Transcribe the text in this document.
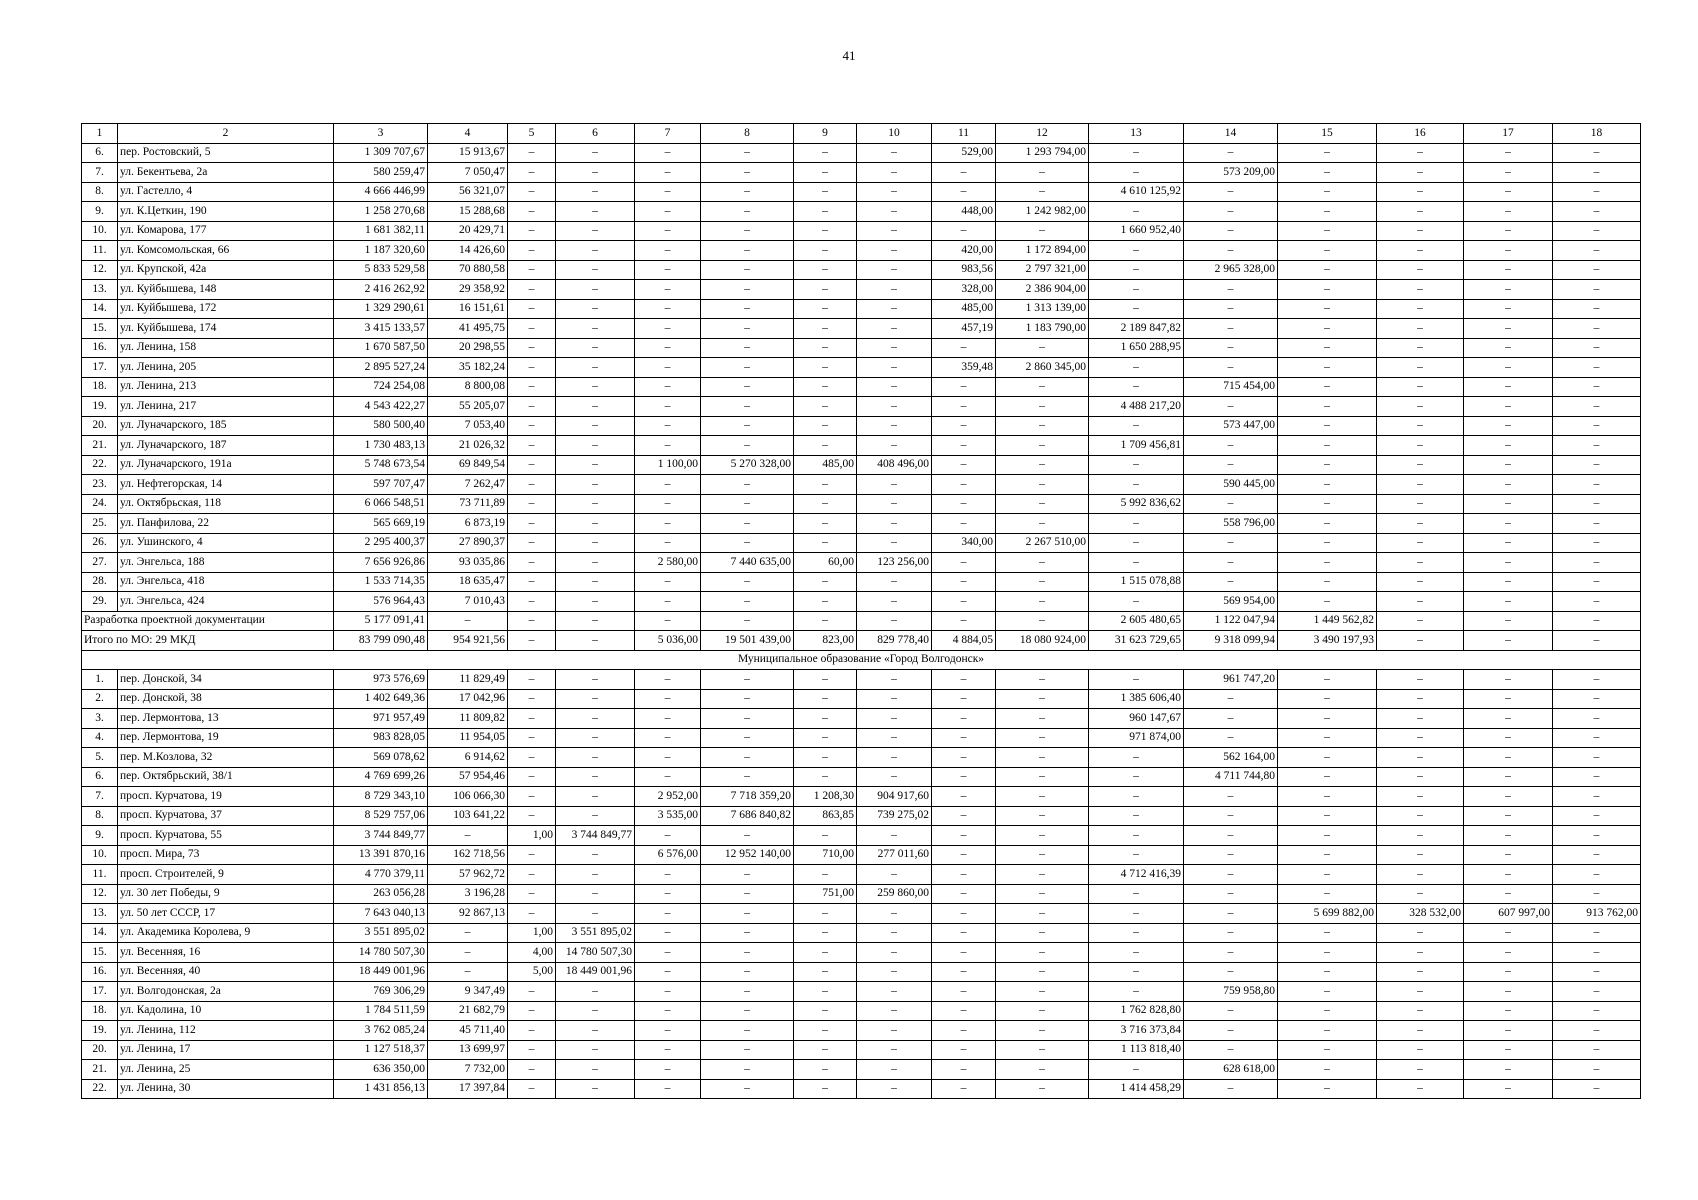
41
1	2	3	4	5	6	7	8	9	10	11	12	13	14	15	16	17	18
6.	пер. Ростовский, 5	1 309 707,67	15 913,67	–	–	–	–	–	–	529,00	1 293 794,00	–	–	–	–	–	–
7.	ул. Бекентьева, 2а	580 259,47	7 050,47	–	–	–	–	–	–	–	–	–	573 209,00	–	–	–	–
8.	ул. Гастелло, 4	4 666 446,99	56 321,07	–	–	–	–	–	–	–	–	4 610 125,92	–	–	–	–	–
9.	ул. К.Цеткин, 190	1 258 270,68	15 288,68	–	–	–	–	–	–	448,00	1 242 982,00	–	–	–	–	–	–
10.	ул. Комарова, 177	1 681 382,11	20 429,71	–	–	–	–	–	–	–	–	1 660 952,40	–	–	–	–	–
11.	ул. Комсомольская, 66	1 187 320,60	14 426,60	–	–	–	–	–	–	420,00	1 172 894,00	–	–	–	–	–	–
12.	ул. Крупской, 42а	5 833 529,58	70 880,58	–	–	–	–	–	–	983,56	2 797 321,00	–	2 965 328,00	–	–	–	–
13.	ул. Куйбышева, 148	2 416 262,92	29 358,92	–	–	–	–	–	–	328,00	2 386 904,00	–	–	–	–	–	–
14.	ул. Куйбышева, 172	1 329 290,61	16 151,61	–	–	–	–	–	–	485,00	1 313 139,00	–	–	–	–	–	–
15.	ул. Куйбышева, 174	3 415 133,57	41 495,75	–	–	–	–	–	–	457,19	1 183 790,00	2 189 847,82	–	–	–	–	–
16.	ул. Ленина, 158	1 670 587,50	20 298,55	–	–	–	–	–	–	–	–	1 650 288,95	–	–	–	–	–
17.	ул. Ленина, 205	2 895 527,24	35 182,24	–	–	–	–	–	–	359,48	2 860 345,00	–	–	–	–	–	–
18.	ул. Ленина, 213	724 254,08	8 800,08	–	–	–	–	–	–	–	–	–	715 454,00	–	–	–	–
19.	ул. Ленина, 217	4 543 422,27	55 205,07	–	–	–	–	–	–	–	–	4 488 217,20	–	–	–	–	–
20.	ул. Луначарского, 185	580 500,40	7 053,40	–	–	–	–	–	–	–	–	–	573 447,00	–	–	–	–
21.	ул. Луначарского, 187	1 730 483,13	21 026,32	–	–	–	–	–	–	–	–	1 709 456,81	–	–	–	–	–
22.	ул. Луначарского, 191а	5 748 673,54	69 849,54	–	–	1 100,00	5 270 328,00	485,00	408 496,00	–	–	–	–	–	–	–	–
23.	ул. Нефтегорская, 14	597 707,47	7 262,47	–	–	–	–	–	–	–	–	–	590 445,00	–	–	–	–
24.	ул. Октябрьская, 118	6 066 548,51	73 711,89	–	–	–	–	–	–	–	–	5 992 836,62	–	–	–	–	–
25.	ул. Панфилова, 22	565 669,19	6 873,19	–	–	–	–	–	–	–	–	–	558 796,00	–	–	–	–
26.	ул. Ушинского, 4	2 295 400,37	27 890,37	–	–	–	–	–	–	340,00	2 267 510,00	–	–	–	–	–	–
27.	ул. Энгельса, 188	7 656 926,86	93 035,86	–	–	2 580,00	7 440 635,00	60,00	123 256,00	–	–	–	–	–	–	–	–
28.	ул. Энгельса, 418	1 533 714,35	18 635,47	–	–	–	–	–	–	–	–	1 515 078,88	–	–	–	–	–
29.	ул. Энгельса, 424	576 964,43	7 010,43	–	–	–	–	–	–	–	–	–	569 954,00	–	–	–	–
Разработка проектной документации		5 177 091,41	–	–	–	–	–	–	–	–	–	2 605 480,65	1 122 047,94	1 449 562,82	–	–	–
Итого по МО: 29 МКД		83 799 090,48	954 921,56	–	–	5 036,00	19 501 439,00	823,00	829 778,40	4 884,05	18 080 924,00	31 623 729,65	9 318 099,94	3 490 197,93	–	–	–
Муниципальное образование «Город Волгодонск»																	
1.	пер. Донской, 34	973 576,69	11 829,49	–	–	–	–	–	–	–	–	–	961 747,20	–	–	–	–
2.	пер. Донской, 38	1 402 649,36	17 042,96	–	–	–	–	–	–	–	–	1 385 606,40	–	–	–	–	–
3.	пер. Лермонтова, 13	971 957,49	11 809,82	–	–	–	–	–	–	–	–	960 147,67	–	–	–	–	–
4.	пер. Лермонтова, 19	983 828,05	11 954,05	–	–	–	–	–	–	–	–	971 874,00	–	–	–	–	–
5.	пер. М.Козлова, 32	569 078,62	6 914,62	–	–	–	–	–	–	–	–	–	562 164,00	–	–	–	–
6.	пер. Октябрьский, 38/1	4 769 699,26	57 954,46	–	–	–	–	–	–	–	–	–	4 711 744,80	–	–	–	–
7.	просп. Курчатова, 19	8 729 343,10	106 066,30	–	–	2 952,00	7 718 359,20	1 208,30	904 917,60	–	–	–	–	–	–	–	–
8.	просп. Курчатова, 37	8 529 757,06	103 641,22	–	–	3 535,00	7 686 840,82	863,85	739 275,02	–	–	–	–	–	–	–	–
9.	просп. Курчатова, 55	3 744 849,77	–	1,00	3 744 849,77	–	–	–	–	–	–	–	–	–	–	–	–
10.	просп. Мира, 73	13 391 870,16	162 718,56	–	–	6 576,00	12 952 140,00	710,00	277 011,60	–	–	–	–	–	–	–	–
11.	просп. Строителей, 9	4 770 379,11	57 962,72	–	–	–	–	–	–	–	–	4 712 416,39	–	–	–	–	–
12.	ул. 30 лет Победы, 9	263 056,28	3 196,28	–	–	–	–	751,00	259 860,00	–	–	–	–	–	–	–	–
13.	ул. 50 лет СССР, 17	7 643 040,13	92 867,13	–	–	–	–	–	–	–	–	–	–	5 699 882,00	328 532,00	607 997,00	913 762,00
14.	ул. Академика Королева, 9	3 551 895,02	–	1,00	3 551 895,02	–	–	–	–	–	–	–	–	–	–	–	–
15.	ул. Весенняя, 16	14 780 507,30	–	4,00	14 780 507,30	–	–	–	–	–	–	–	–	–	–	–	–
16.	ул. Весенняя, 40	18 449 001,96	–	5,00	18 449 001,96	–	–	–	–	–	–	–	–	–	–	–	–
17.	ул. Волгодонская, 2а	769 306,29	9 347,49	–	–	–	–	–	–	–	–	–	759 958,80	–	–	–	–
18.	ул. Кадолина, 10	1 784 511,59	21 682,79	–	–	–	–	–	–	–	–	1 762 828,80	–	–	–	–	–
19.	ул. Ленина, 112	3 762 085,24	45 711,40	–	–	–	–	–	–	–	–	3 716 373,84	–	–	–	–	–
20.	ул. Ленина, 17	1 127 518,37	13 699,97	–	–	–	–	–	–	–	–	1 113 818,40	–	–	–	–	–
21.	ул. Ленина, 25	636 350,00	7 732,00	–	–	–	–	–	–	–	–	–	628 618,00	–	–	–	–
22.	ул. Ленина, 30	1 431 856,13	17 397,84	–	–	–	–	–	–	–	–	1 414 458,29	–	–	–	–	–
